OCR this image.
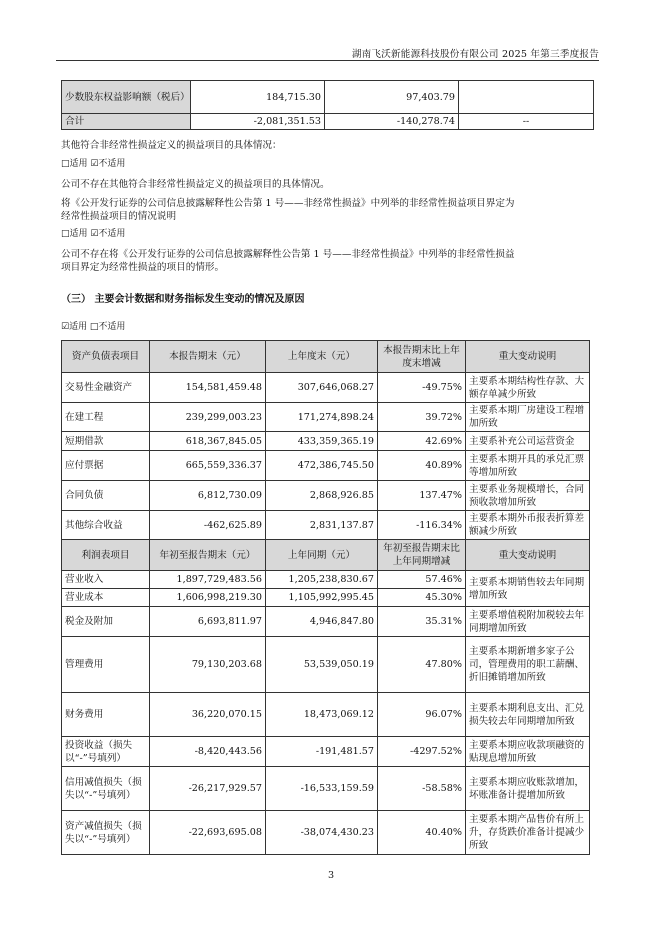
湖南飞沃新能源科技股份有限公司 2025 年第三季度报告
少数股东权益影响额（税后）	184,715.30	97,403.79	
合计	-2,081,351.53	-140,278.74	--
其他符合非经常性损益定义的损益项目的具体情况：
□适用 ☑不适用
公司不存在其他符合非经常性损益定义的损益项目的具体情况。
将《公开发行证券的公司信息披露解释性公告第 1 号——非经常性损益》中列举的非经常性损益项目界定为
经常性损益项目的情况说明
□适用 ☑不适用
公司不存在将《公开发行证券的公司信息披露解释性公告第 1 号——非经常性损益》中列举的非经常性损益
项目界定为经常性损益的项目的情形。
（三） 主要会计数据和财务指标发生变动的情况及原因
☑适用 □不适用
资产负债表项目	本报告期末（元）	上年度末（元）	本报告期末比上年度末增减	重大变动说明
交易性金融资产	154,581,459.48	307,646,068.27	-49.75%	主要系本期结构性存款、大额存单减少所致
在建工程	239,299,003.23	171,274,898.24	39.72%	主要系本期厂房建设工程增加所致
短期借款	618,367,845.05	433,359,365.19	42.69%	主要系补充公司运营资金
应付票据	665,559,336.37	472,386,745.50	40.89%	主要系本期开具的承兑汇票等增加所致
合同负债	6,812,730.09	2,868,926.85	137.47%	主要系业务规模增长，合同预收款增加所致
其他综合收益	-462,625.89	2,831,137.87	-116.34%	主要系本期外币报表折算差额减少所致
利润表项目	年初至报告期末（元）	上年同期（元）	年初至报告期末比上年同期增减	重大变动说明
营业收入	1,897,729,483.56	1,205,238,830.67	57.46%	主要系本期销售较去年同期增加所致
营业成本	1,606,998,219.30	1,105,992,995.45	45.30%	
税金及附加	6,693,811.97	4,946,847.80	35.31%	主要系增值税附加税较去年同期增加所致
管理费用	79,130,203.68	53,539,050.19	47.80%	主要系本期新增多家子公司，管理费用的职工薪酬、折旧摊销增加所致
财务费用	36,220,070.15	18,473,069.12	96.07%	主要系本期利息支出、汇兑损失较去年同期增加所致
投资收益（损失以“-”号填列）	-8,420,443.56	-191,481.57	-4297.52%	主要系本期应收款项融资的贴现息增加所致
信用减值损失（损失以“-”号填列）	-26,217,929.57	-16,533,159.59	-58.58%	主要系本期应收账款增加，坏账准备计提增加所致
资产减值损失（损失以“-”号填列）	-22,693,695.08	-38,074,430.23	40.40%	主要系本期产品售价有所上升，存货跌价准备计提减少所致
3
